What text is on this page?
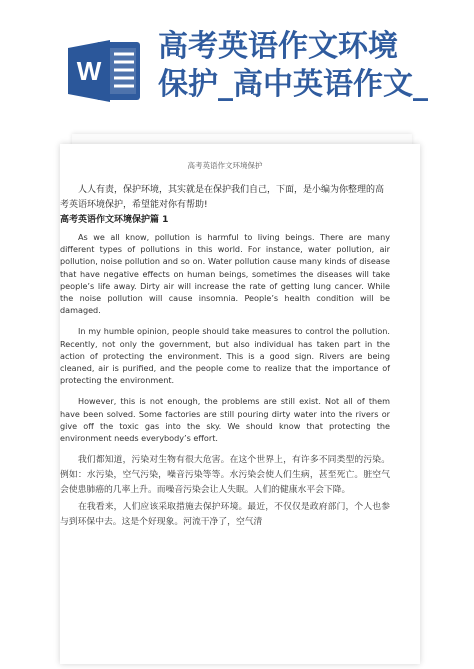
W
高考英语作文环境
保护_高中英语作文_

高考英语作文环境保护

人人有责，保护环境，其实就是在保护我们自己，下面，是小编为你整理的高考英语环境保护，希望能对你有帮助!

高考英语作文环境保护篇 1

As we all know, pollution is harmful to living beings. There are many different types of pollutions in this world. For instance, water pollution, air pollution, noise pollution and so on. Water pollution cause many kinds of disease that have negative effects on human beings, sometimes the diseases will take people’s life away. Dirty air will increase the rate of getting lung cancer. While the noise pollution will cause insomnia. People’s health condition will be damaged.

In my humble opinion, people should take measures to control the pollution. Recently, not only the government, but also individual has taken part in the action of protecting the environment. This is a good sign. Rivers are being cleaned, air is purified, and the people come to realize that the importance of protecting the environment.

However, this is not enough, the problems are still exist. Not all of them have been solved. Some factories are still pouring dirty water into the rivers or give off the toxic gas into the sky. We should know that protecting the environment needs everybody’s effort.

我们都知道，污染对生物有很大危害。在这个世界上，有许多不同类型的污染。例如：水污染，空气污染，噪音污染等等。水污染会使人们生病，甚至死亡。脏空气会使患肺癌的几率上升。而噪音污染会让人失眠。人们的健康水平会下降。

在我看来，人们应该采取措施去保护环境。最近，不仅仅是政府部门，个人也参与到环保中去。这是个好现象。河流干净了，空气清
